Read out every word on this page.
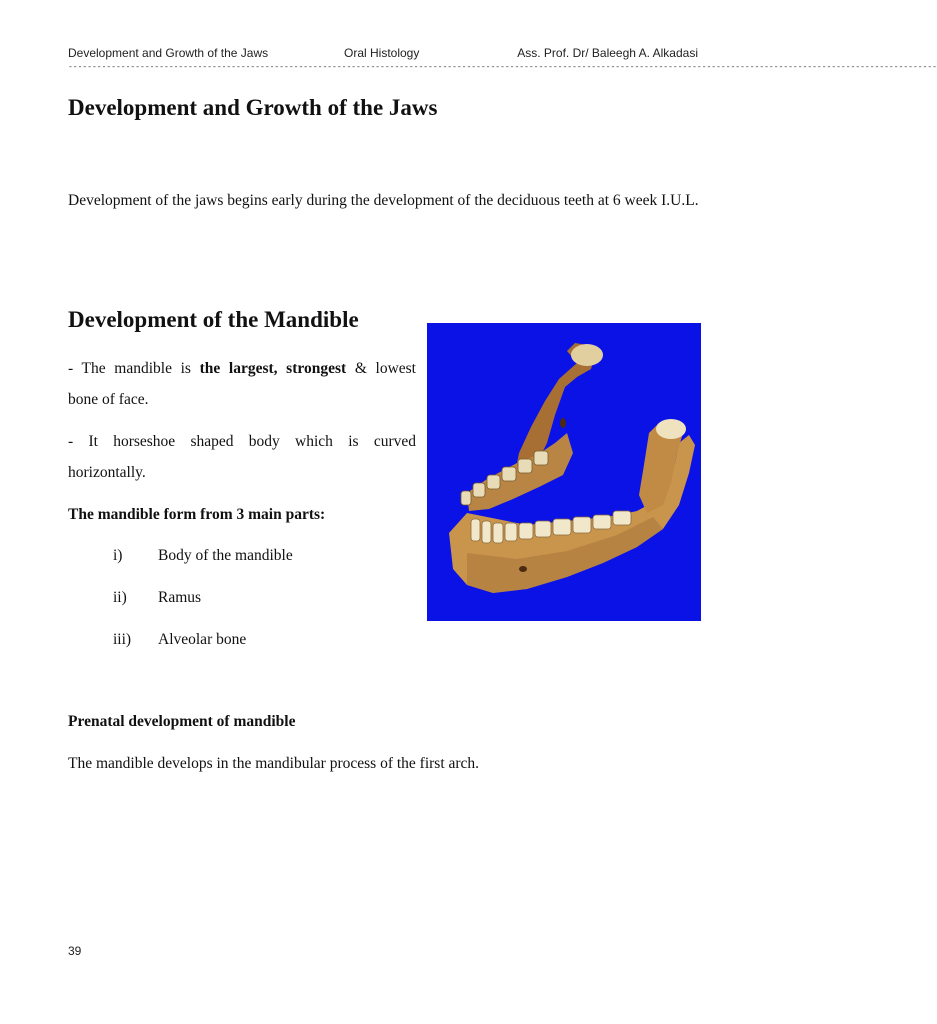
Development and Growth of the Jaws	Oral Histology	Ass. Prof. Dr/ Baleegh A. Alkadasi
-------------------------------------------------------------------------------------------------------------------------------------------------------------------------------------
Development and Growth of the Jaws

Development of the jaws begins early during the development of the deciduous teeth at 6 week I.U.L.

Development of the Mandible
- The mandible is the largest, strongest & lowest
bone of face.
- It horseshoe shaped body which is curved
horizontally.
The mandible form from 3 main parts:
i) Body of the mandible
ii) Ramus
iii) Alveolar bone
Prenatal development of mandible
The mandible develops in the mandibular process of the first arch.
39
